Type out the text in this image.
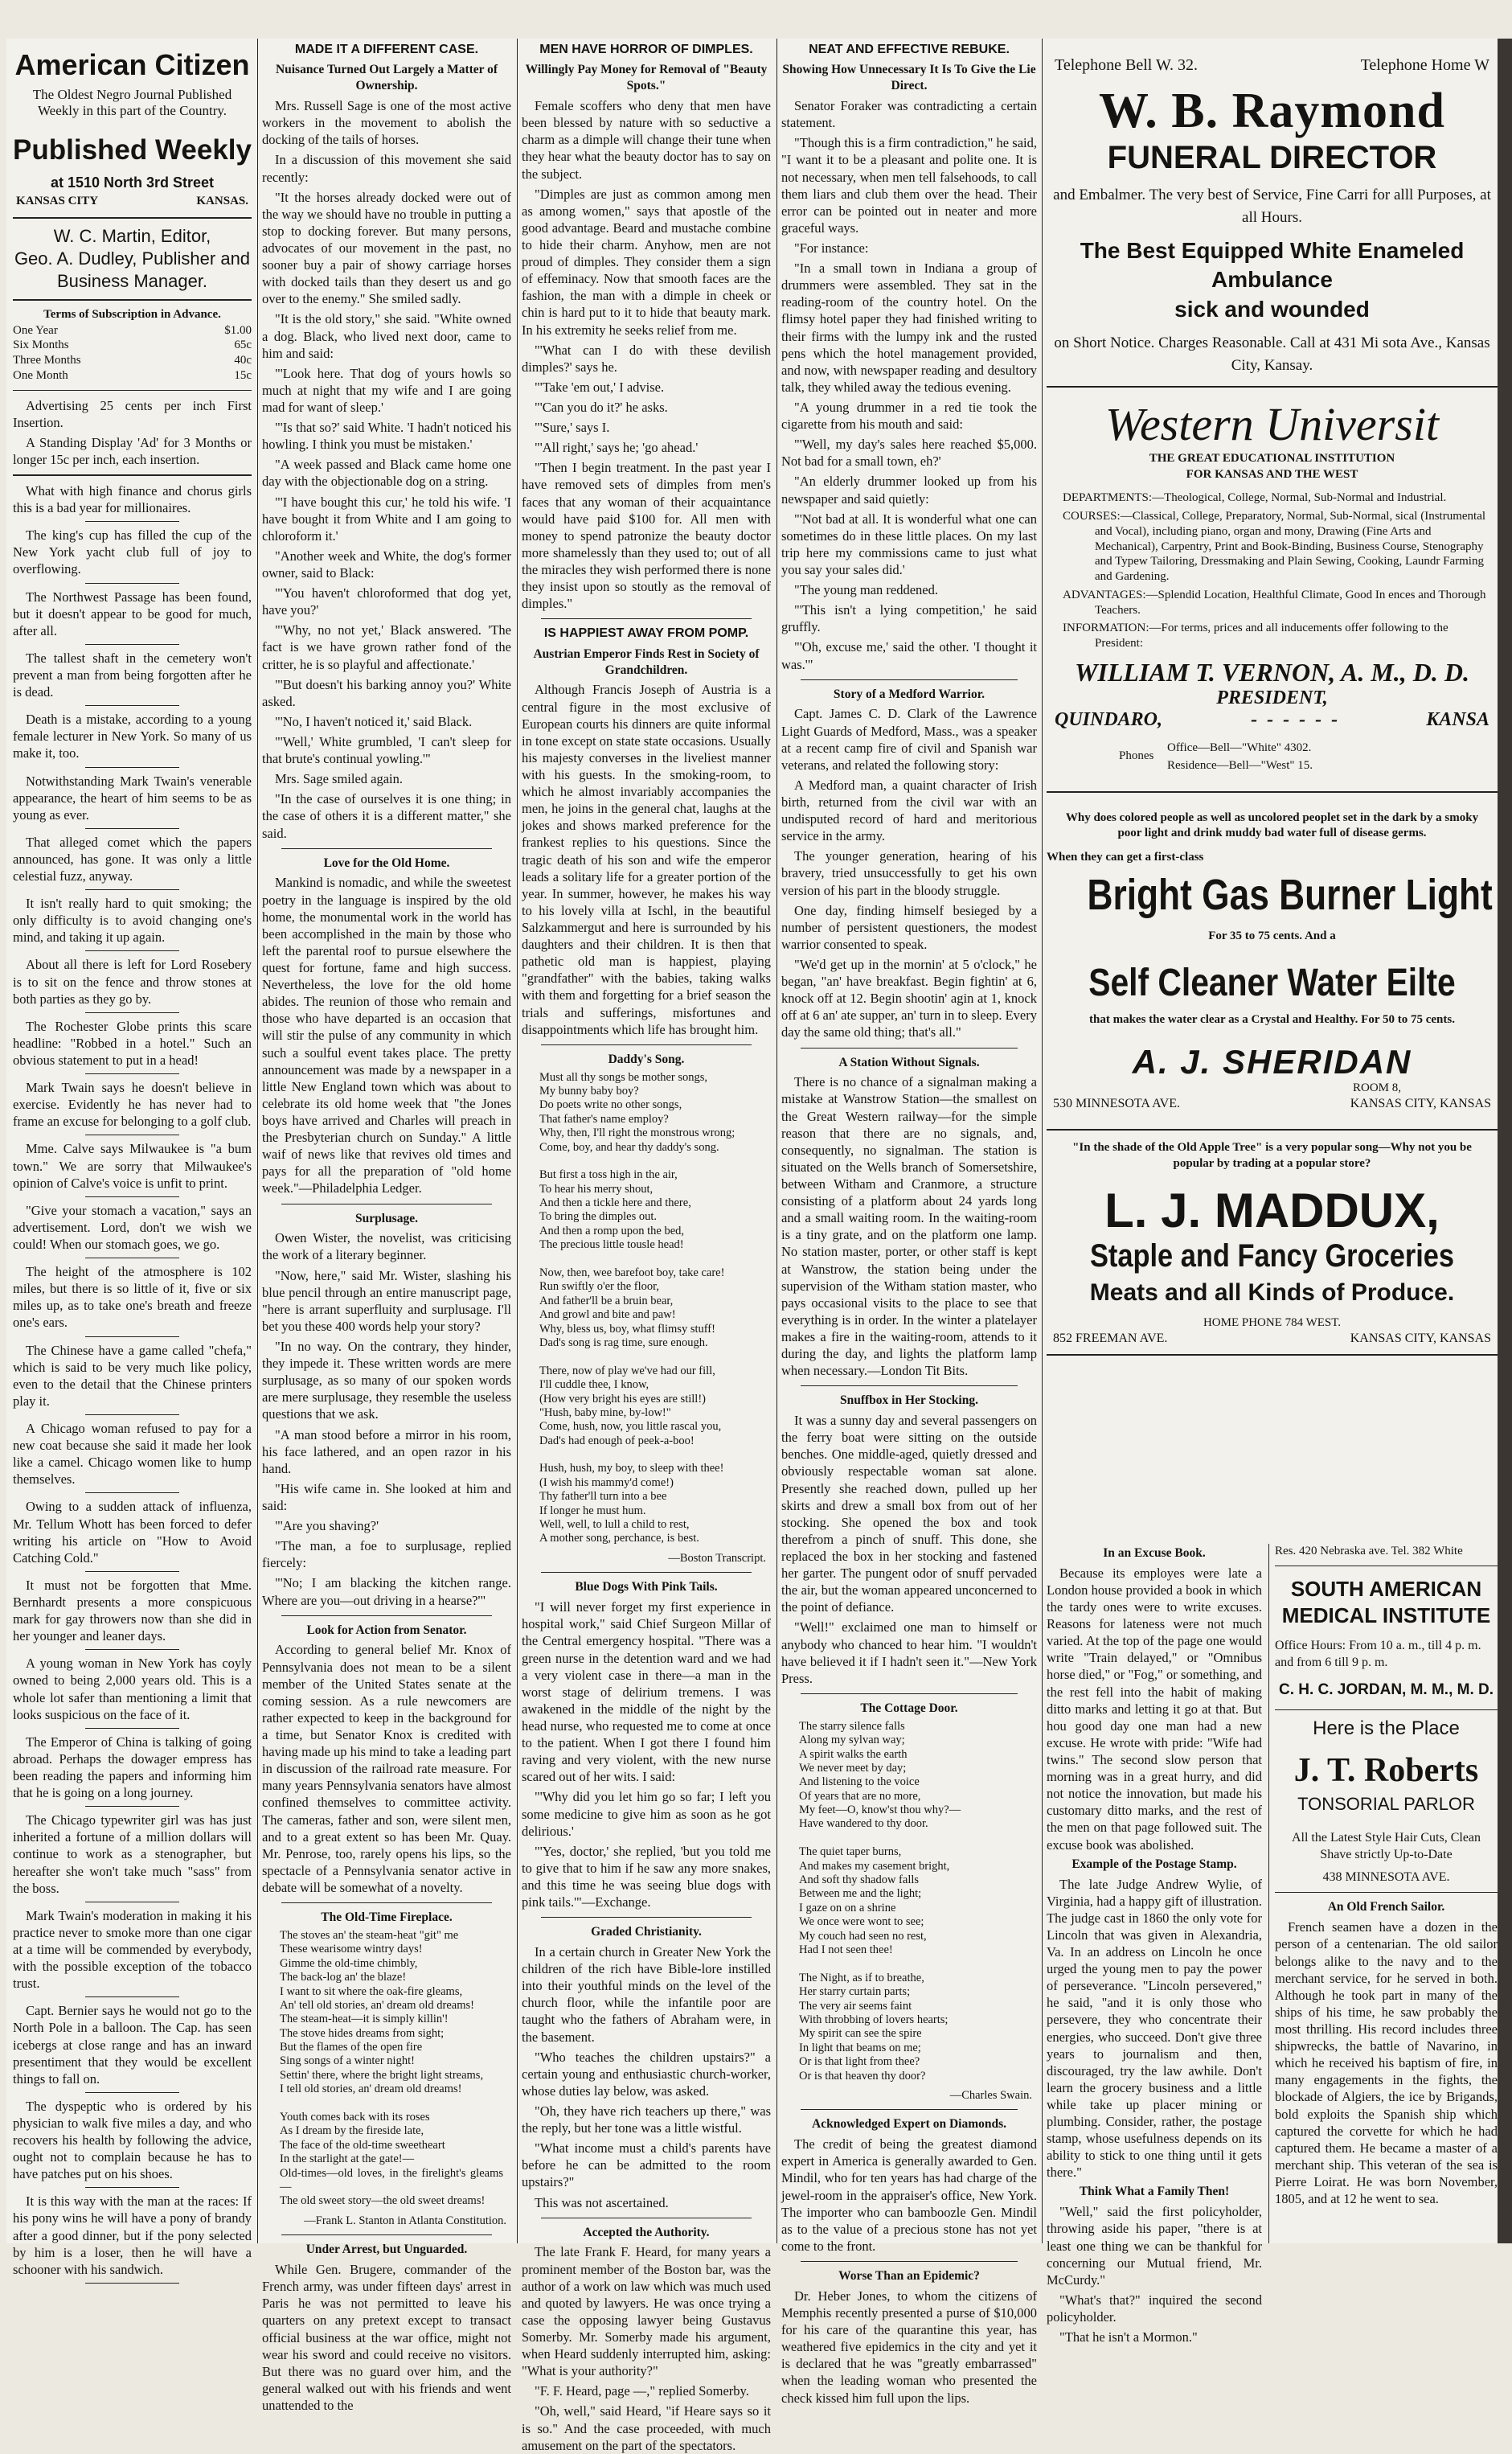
American Citizen
The Oldest Negro Journal Published Weekly in this part of the Country.
Published Weekly
at 1510 North 3rd Street
KANSAS CITY	KANSAS.
W. C. Martin, Editor,
Geo. A. Dudley, Publisher and
Business Manager.
Terms of Subscription in Advance.
One Year	$1.00
Six Months	65c
Three Months	40c
One Month	15c

Advertising 25 cents per inch First Insertion.

A Standing Display 'Ad' for 3 Months or longer 15c per inch, each insertion.

What with high finance and chorus girls this is a bad year for millionaires.

The king's cup has filled the cup of the New York yacht club full of joy to overflowing.

The Northwest Passage has been found, but it doesn't appear to be good for much, after all.

The tallest shaft in the cemetery won't prevent a man from being forgotten after he is dead.

Death is a mistake, according to a young female lecturer in New York. So many of us make it, too.

Notwithstanding Mark Twain's venerable appearance, the heart of him seems to be as young as ever.

That alleged comet which the papers announced, has gone. It was only a little celestial fuzz, anyway.

It isn't really hard to quit smoking; the only difficulty is to avoid changing one's mind, and taking it up again.

About all there is left for Lord Rosebery is to sit on the fence and throw stones at both parties as they go by.

The Rochester Globe prints this scare headline: "Robbed in a hotel." Such an obvious statement to put in a head!

Mark Twain says he doesn't believe in exercise. Evidently he has never had to frame an excuse for belonging to a golf club.

Mme. Calve says Milwaukee is "a bum town." We are sorry that Milwaukee's opinion of Calve's voice is unfit to print.

"Give your stomach a vacation," says an advertisement. Lord, don't we wish we could! When our stomach goes, we go.

The height of the atmosphere is 102 miles, but there is so little of it, five or six miles up, as to take one's breath and freeze one's ears.

The Chinese have a game called "chefa," which is said to be very much like policy, even to the detail that the Chinese printers play it.

A Chicago woman refused to pay for a new coat because she said it made her look like a camel. Chicago women like to hump themselves.

Owing to a sudden attack of influenza, Mr. Tellum Whott has been forced to defer writing his article on "How to Avoid Catching Cold."

It must not be forgotten that Mme. Bernhardt presents a more conspicuous mark for gay throwers now than she did in her younger and leaner days.

A young woman in New York has coyly owned to being 2,000 years old. This is a whole lot safer than mentioning a limit that looks suspicious on the face of it.

The Emperor of China is talking of going abroad. Perhaps the dowager empress has been reading the papers and informing him that he is going on a long journey.

The Chicago typewriter girl was has just inherited a fortune of a million dollars will continue to work as a stenographer, but hereafter she won't take much "sass" from the boss.

Mark Twain's moderation in making it his practice never to smoke more than one cigar at a time will be commended by everybody, with the possible exception of the tobacco trust.

Capt. Bernier says he would not go to the North Pole in a balloon. The Cap. has seen icebergs at close range and has an inward presentiment that they would be excellent things to fall on.

The dyspeptic who is ordered by his physician to walk five miles a day, and who recovers his health by following the advice, ought not to complain because he has to have patches put on his shoes.

It is this way with the man at the races: If his pony wins he will have a pony of brandy after a good dinner, but if the pony selected by him is a loser, then he will have a schooner with his sandwich.

MADE IT A DIFFERENT CASE.
Nuisance Turned Out Largely a Matter of Ownership.

Mrs. Russell Sage is one of the most active workers in the movement to abolish the docking of the tails of horses.

In a discussion of this movement she said recently:

"It the horses already docked were out of the way we should have no trouble in putting a stop to docking forever. But many persons, advocates of our movement in the past, no sooner buy a pair of showy carriage horses with docked tails than they desert us and go over to the enemy." She smiled sadly.

"It is the old story," she said. "White owned a dog. Black, who lived next door, came to him and said:

"'Look here. That dog of yours howls so much at night that my wife and I are going mad for want of sleep.'

"'Is that so?' said White. 'I hadn't noticed his howling. I think you must be mistaken.'

"A week passed and Black came home one day with the objectionable dog on a string.

"'I have bought this cur,' he told his wife. 'I have bought it from White and I am going to chloroform it.'

"Another week and White, the dog's former owner, said to Black:

"'You haven't chloroformed that dog yet, have you?'

"'Why, no not yet,' Black answered. 'The fact is we have grown rather fond of the critter, he is so playful and affectionate.'

"'But doesn't his barking annoy you?' White asked.

"'No, I haven't noticed it,' said Black.

"'Well,' White grumbled, 'I can't sleep for that brute's continual yowling.'"

Mrs. Sage smiled again.

"In the case of ourselves it is one thing; in the case of others it is a different matter," she said.

Love for the Old Home.

Mankind is nomadic, and while the sweetest poetry in the language is inspired by the old home, the monumental work in the world has been accomplished in the main by those who left the parental roof to pursue elsewhere the quest for fortune, fame and high success. Nevertheless, the love for the old home abides. The reunion of those who remain and those who have departed is an occasion that will stir the pulse of any community in which such a soulful event takes place. The pretty announcement was made by a newspaper in a little New England town which was about to celebrate its old home week that "the Jones boys have arrived and Charles will preach in the Presbyterian church on Sunday." A little waif of news like that revives old times and pays for all the preparation of "old home week."—Philadelphia Ledger.

Surplusage.

Owen Wister, the novelist, was criticising the work of a literary beginner.

"Now, here," said Mr. Wister, slashing his blue pencil through an entire manuscript page, "here is arrant superfluity and surplusage. I'll bet you these 400 words help your story?

"In no way. On the contrary, they hinder, they impede it. These written words are mere surplusage, as so many of our spoken words are mere surplusage, they resemble the useless questions that we ask.

"A man stood before a mirror in his room, his face lathered, and an open razor in his hand.

"His wife came in. She looked at him and said:

"'Are you shaving?'

"The man, a foe to surplusage, replied fiercely:

"'No; I am blacking the kitchen range. Where are you—out driving in a hearse?'"

Look for Action from Senator.

According to general belief Mr. Knox of Pennsylvania does not mean to be a silent member of the United States senate at the coming session. As a rule newcomers are rather expected to keep in the background for a time, but Senator Knox is credited with having made up his mind to take a leading part in discussion of the railroad rate measure. For many years Pennsylvania senators have almost confined themselves to committee activity. The cameras, father and son, were silent men, and to a great extent so has been Mr. Quay. Mr. Penrose, too, rarely opens his lips, so the spectacle of a Pennsylvania senator active in debate will be somewhat of a novelty.

The Old-Time Fireplace.
The stoves an' the steam-heat "git" me
These wearisome wintry days!
Gimme the old-time chimbly,
The back-log an' the blaze!
I want to sit where the oak-fire gleams,
An' tell old stories, an' dream old dreams!
The steam-heat—it is simply killin'!
The stove hides dreams from sight;
But the flames of the open fire
Sing songs of a winter night!
Settin' there, where the bright light streams,
I tell old stories, an' dream old dreams!

Youth comes back with its roses
As I dream by the fireside late,
The face of the old-time sweetheart
In the starlight at the gate!—
Old-times—old loves, in the firelight's gleams—
The old sweet story—the old sweet dreams!
—Frank L. Stanton in Atlanta Constitution.
Under Arrest, but Unguarded.

While Gen. Brugere, commander of the French army, was under fifteen days' arrest in Paris he was not permitted to leave his quarters on any pretext except to transact official business at the war office, might not wear his sword and could receive no visitors. But there was no guard over him, and the general walked out with his friends and went unattended to the

MEN HAVE HORROR OF DIMPLES.
Willingly Pay Money for Removal of "Beauty Spots."

Female scoffers who deny that men have been blessed by nature with so seductive a charm as a dimple will change their tune when they hear what the beauty doctor has to say on the subject.

"Dimples are just as common among men as among women," says that apostle of the good advantage. Beard and mustache combine to hide their charm. Anyhow, men are not proud of dimples. They consider them a sign of effeminacy. Now that smooth faces are the fashion, the man with a dimple in cheek or chin is hard put to it to hide that beauty mark. In his extremity he seeks relief from me.

"'What can I do with these devilish dimples?' says he.

"'Take 'em out,' I advise.

"'Can you do it?' he asks.

"'Sure,' says I.

"'All right,' says he; 'go ahead.'

"Then I begin treatment. In the past year I have removed sets of dimples from men's faces that any woman of their acquaintance would have paid $100 for. All men with money to spend patronize the beauty doctor more shamelessly than they used to; out of all the miracles they wish performed there is none they insist upon so stoutly as the removal of dimples."

IS HAPPIEST AWAY FROM POMP.
Austrian Emperor Finds Rest in Society of Grandchildren.

Although Francis Joseph of Austria is a central figure in the most exclusive of European courts his dinners are quite informal in tone except on state state occasions. Usually his majesty converses in the liveliest manner with his guests. In the smoking-room, to which he almost invariably accompanies the men, he joins in the general chat, laughs at the jokes and shows marked preference for the frankest replies to his questions. Since the tragic death of his son and wife the emperor leads a solitary life for a greater portion of the year. In summer, however, he makes his way to his lovely villa at Ischl, in the beautiful Salzkammergut and here is surrounded by his daughters and their children. It is then that pathetic old man is happiest, playing "grandfather" with the babies, taking walks with them and forgetting for a brief season the trials and sufferings, misfortunes and disappointments which life has brought him.

Daddy's Song.
Must all thy songs be mother songs,
My bunny baby boy?
Do poets write no other songs,
That father's name employ?
Why, then, I'll right the monstrous wrong;
Come, boy, and hear thy daddy's song.

But first a toss high in the air,
To hear his merry shout,
And then a tickle here and there,
To bring the dimples out.
And then a romp upon the bed,
The precious little tousle head!

Now, then, wee barefoot boy, take care!
Run swiftly o'er the floor,
And father'll be a bruin bear,
And growl and bite and paw!
Why, bless us, boy, what flimsy stuff!
Dad's song is rag time, sure enough.

There, now of play we've had our fill,
I'll cuddle thee, I know,
(How very bright his eyes are still!)
"Hush, baby mine, by-low!"
Come, hush, now, you little rascal you,
Dad's had enough of peek-a-boo!

Hush, hush, my boy, to sleep with thee!
(I wish his mammy'd come!)
Thy father'll turn into a bee
If longer he must hum.
Well, well, to lull a child to rest,
A mother song, perchance, is best.
—Boston Transcript.
Blue Dogs With Pink Tails.

"I will never forget my first experience in hospital work," said Chief Surgeon Millar of the Central emergency hospital. "There was a green nurse in the detention ward and we had a very violent case in there—a man in the worst stage of delirium tremens. I was awakened in the middle of the night by the head nurse, who requested me to come at once to the patient. When I got there I found him raving and very violent, with the new nurse scared out of her wits. I said:

"'Why did you let him go so far; I left you some medicine to give him as soon as he got delirious.'

"'Yes, doctor,' she replied, 'but you told me to give that to him if he saw any more snakes, and this time he was seeing blue dogs with pink tails.'"—Exchange.

Graded Christianity.

In a certain church in Greater New York the children of the rich have Bible-lore instilled into their youthful minds on the level of the church floor, while the infantile poor are taught who the fathers of Abraham were, in the basement.

"Who teaches the children upstairs?" a certain young and enthusiastic church-worker, whose duties lay below, was asked.

"Oh, they have rich teachers up there," was the reply, but her tone was a little wistful.

"What income must a child's parents have before he can be admitted to the room upstairs?"

This was not ascertained.

Accepted the Authority.

The late Frank F. Heard, for many years a prominent member of the Boston bar, was the author of a work on law which was much used and quoted by lawyers. He was once trying a case the opposing lawyer being Gustavus Somerby. Mr. Somerby made his argument, when Heard suddenly interrupted him, asking: "What is your authority?"

"F. F. Heard, page —," replied Somerby.

"Oh, well," said Heard, "if Heare says so it is so." And the case proceeded, with much amusement on the part of the spectators.

NEAT AND EFFECTIVE REBUKE.
Showing How Unnecessary It Is To Give the Lie Direct.

Senator Foraker was contradicting a certain statement.

"Though this is a firm contradiction," he said, "I want it to be a pleasant and polite one. It is not necessary, when men tell falsehoods, to call them liars and club them over the head. Their error can be pointed out in neater and more graceful ways.

"For instance:

"In a small town in Indiana a group of drummers were assembled. They sat in the reading-room of the country hotel. On the flimsy hotel paper they had finished writing to their firms with the lumpy ink and the rusted pens which the hotel management provided, and now, with newspaper reading and desultory talk, they whiled away the tedious evening.

"A young drummer in a red tie took the cigarette from his mouth and said:

"'Well, my day's sales here reached $5,000. Not bad for a small town, eh?'

"An elderly drummer looked up from his newspaper and said quietly:

"'Not bad at all. It is wonderful what one can sometimes do in these little places. On my last trip here my commissions came to just what you say your sales did.'

"The young man reddened.

"'This isn't a lying competition,' he said gruffly.

"'Oh, excuse me,' said the other. 'I thought it was.'"

Story of a Medford Warrior.

Capt. James C. D. Clark of the Lawrence Light Guards of Medford, Mass., was a speaker at a recent camp fire of civil and Spanish war veterans, and related the following story:

A Medford man, a quaint character of Irish birth, returned from the civil war with an undisputed record of hard and meritorious service in the army.

The younger generation, hearing of his bravery, tried unsuccessfully to get his own version of his part in the bloody struggle.

One day, finding himself besieged by a number of persistent questioners, the modest warrior consented to speak.

"We'd get up in the mornin' at 5 o'clock," he began, "an' have breakfast. Begin fightin' at 6, knock off at 12. Begin shootin' agin at 1, knock off at 6 an' ate supper, an' turn in to sleep. Every day the same old thing; that's all."

A Station Without Signals.

There is no chance of a signalman making a mistake at Wanstrow Station—the smallest on the Great Western railway—for the simple reason that there are no signals, and, consequently, no signalman. The station is situated on the Wells branch of Somersetshire, between Witham and Cranmore, a structure consisting of a platform about 24 yards long and a small waiting room. In the waiting-room is a tiny grate, and on the platform one lamp. No station master, porter, or other staff is kept at Wanstrow, the station being under the supervision of the Witham station master, who pays occasional visits to the place to see that everything is in order. In the winter a platelayer makes a fire in the waiting-room, attends to it during the day, and lights the platform lamp when necessary.—London Tit Bits.

Snuffbox in Her Stocking.

It was a sunny day and several passengers on the ferry boat were sitting on the outside benches. One middle-aged, quietly dressed and obviously respectable woman sat alone. Presently she reached down, pulled up her skirts and drew a small box from out of her stocking. She opened the box and took therefrom a pinch of snuff. This done, she replaced the box in her stocking and fastened her garter. The pungent odor of snuff pervaded the air, but the woman appeared unconcerned to the point of defiance.

"Well!" exclaimed one man to himself or anybody who chanced to hear him. "I wouldn't have believed it if I hadn't seen it."—New York Press.

The Cottage Door.
The starry silence falls
Along my sylvan way;
A spirit walks the earth
We never meet by day;
And listening to the voice
Of years that are no more,
My feet—O, know'st thou why?—
Have wandered to thy door.

The quiet taper burns,
And makes my casement bright,
And soft thy shadow falls
Between me and the light;
I gaze on on a shrine
We once were wont to see;
My couch had seen no rest,
Had I not seen thee!

The Night, as if to breathe,
Her starry curtain parts;
The very air seems faint
With throbbing of lovers hearts;
My spirit can see the spire
In light that beams on me;
Or is that light from thee?
Or is that heaven thy door?
—Charles Swain.
Acknowledged Expert on Diamonds.

The credit of being the greatest diamond expert in America is generally awarded to Gen. Mindil, who for ten years has had charge of the jewel-room in the appraiser's office, New York. The importer who can bamboozle Gen. Mindil as to the value of a precious stone has not yet come to the front.

Worse Than an Epidemic?

Dr. Heber Jones, to whom the citizens of Memphis recently presented a purse of $10,000 for his care of the quarantine this year, has weathered five epidemics in the city and yet it is declared that he was "greatly embarrassed" when the leading woman who presented the check kissed him full upon the lips.

Telephone Bell W. 32.	Telephone Home W
W. B. Raymond
FUNERAL DIRECTOR
and Embalmer. The very best of Service, Fine Carri for alll Purposes, at all Hours.
The Best Equipped White Enameled Ambulance
sick and wounded
on Short Notice. Charges Reasonable. Call at 431 Mi sota Ave., Kansas City, Kansay.
Western Universit
THE GREAT EDUCATIONAL INSTITUTION
FOR KANSAS AND THE WEST

DEPARTMENTS:—Theological, College, Normal, Sub-Normal and Industrial.

COURSES:—Classical, College, Preparatory, Normal, Sub-Normal, sical (Instrumental and Vocal), including piano, organ and mony, Drawing (Fine Arts and Mechanical), Carpentry, Print and Book-Binding, Business Course, Stenography and Typew Tailoring, Dressmaking and Plain Sewing, Cooking, Laundr Farming and Gardening.

ADVANTAGES:—Splendid Location, Healthful Climate, Good In ences and Thorough Teachers.

INFORMATION:—For terms, prices and all inducements offer following to the President:

WILLIAM T. VERNON, A. M., D. D.
PRESIDENT,
QUINDARO,	-  -  -  -  -  -	KANSA
Phones
Office—Bell—"White" 4302.
Residence—Bell—"West" 15.
Why does colored people as well as uncolored peoplet set in the dark by a smoky poor light and drink muddy bad water full of disease germs.
When they can get a first-class
Bright Gas Burner Light
For 35 to 75 cents. And a
Self Cleaner Water Eilte
that makes the water clear as a Crystal and Healthy. For 50 to 75 cents.
A. J. SHERIDAN
ROOM 8,
530 MINNESOTA AVE.	KANSAS CITY, KANSAS
"In the shade of the Old Apple Tree" is a very popular song—Why not you be popular by trading at a popular store?
L. J. MADDUX,
Staple and Fancy Groceries
Meats and all Kinds of Produce.
HOME PHONE 784 WEST.
852 FREEMAN AVE.	KANSAS CITY, KANSAS
In an Excuse Book.

Because its employes were late a London house provided a book in which the tardy ones were to write excuses. Reasons for lateness were not much varied. At the top of the page one would write "Train delayed," or "Omnibus horse died," or "Fog," or something, and the rest fell into the habit of making ditto marks and letting it go at that. But hou good day one man had a new excuse. He wrote with pride: "Wife had twins." The second slow person that morning was in a great hurry, and did not notice the innovation, but made his customary ditto marks, and the rest of the men on that page followed suit. The excuse book was abolished.

Example of the Postage Stamp.

The late Judge Andrew Wylie, of Virginia, had a happy gift of illustration. The judge cast in 1860 the only vote for Lincoln that was given in Alexandria, Va. In an address on Lincoln he once urged the young men to pay the power of perseverance. "Lincoln persevered," he said, "and it is only those who persevere, they who concentrate their energies, who succeed. Don't give three years to journalism and then, discouraged, try the law awhile. Don't learn the grocery business and a little while take up placer mining or plumbing. Consider, rather, the postage stamp, whose usefulness depends on its ability to stick to one thing until it gets there."

Think What a Family Then!

"Well," said the first policyholder, throwing aside his paper, "there is at least one thing we can be thankful for concerning our Mutual friend, Mr. McCurdy."

"What's that?" inquired the second policyholder.

"That he isn't a Mormon."

Res. 420 Nebraska ave. Tel. 382 White
SOUTH AMERICAN
MEDICAL INSTITUTE
Office Hours: From 10 a. m., till 4 p. m. and from 6 till 9 p. m.
C. H. C. JORDAN, M. M., M. D.
Here is the Place
J. T. Roberts
TONSORIAL PARLOR
All the Latest Style Hair Cuts, Clean Shave strictly Up-to-Date
438 MINNESOTA AVE.
An Old French Sailor.

French seamen have a dozen in the person of a centenarian. The old sailor belongs alike to the navy and to the merchant service, for he served in both. Although he took part in many of the ships of his time, he saw probably the most thrilling. His record includes three shipwrecks, the battle of Navarino, in which he received his baptism of fire, in many engagements in the fights, the blockade of Algiers, the ice by Brigands, bold exploits the Spanish ship which captured the corvette for which he had captured them. He became a master of a merchant ship. This veteran of the sea is Pierre Loirat. He was born November, 1805, and at 12 he went to sea.
